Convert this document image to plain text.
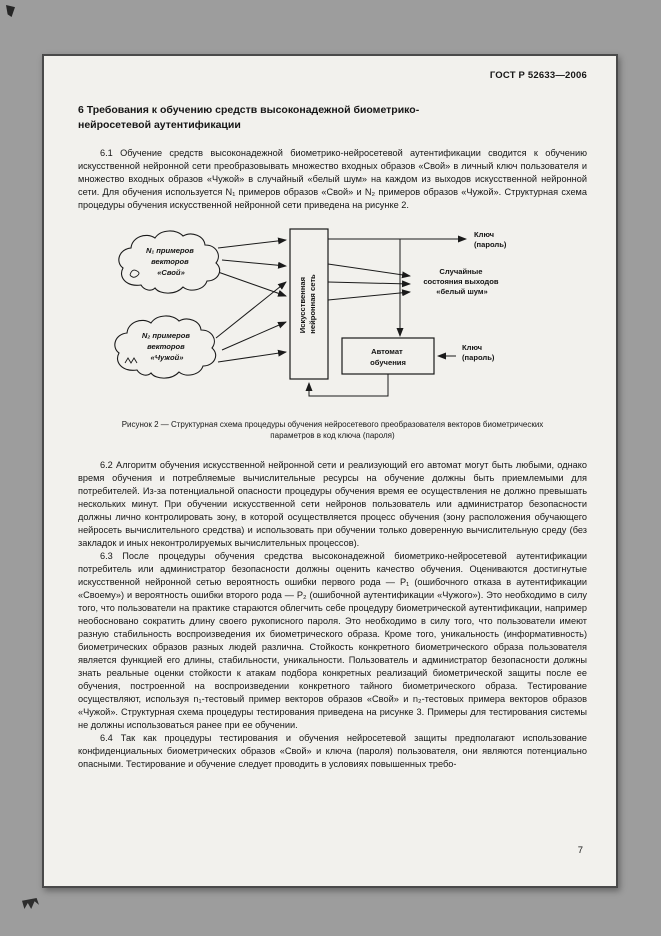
ГОСТ Р 52633—2006
6 Требования к обучению средств высоконадежной биометрико-нейросетевой аутентификации

6.1 Обучение средств высоконадежной биометрико-нейросетевой аутентификации сводится к обучению искусственной нейронной сети преобразовывать множество входных образов «Свой» в личный ключ пользователя и множество входных образов «Чужой» в случайный «белый шум» на каждом из выходов искусственной нейронной сети. Для обучения используется N₁ примеров образов «Свой» и N₂ примеров образов «Чужой». Структурная схема процедуры обучения искусственной нейронной сети приведена на рисунке 2.

N₁ примеров векторов «Свой»
N₂ примеров векторов «Чужой»
Искусственная нейронная сеть
Ключ (пароль)
Случайные состояния выходов «белый шум»
Автомат обучения
Ключ (пароль)
Рисунок 2 — Структурная схема процедуры обучения нейросетевого преобразователя векторов биометрических параметров в код ключа (пароля)

6.2 Алгоритм обучения искусственной нейронной сети и реализующий его автомат могут быть любыми, однако время обучения и потребляемые вычислительные ресурсы на обучение должны быть приемлемыми для потребителей. Из-за потенциальной опасности процедуры обучения время ее осуществления не должно превышать нескольких минут. При обучении искусственной сети нейронов пользователь или администратор безопасности должны лично контролировать зону, в которой осуществляется процесс обучения (зону расположения обучающего нейросеть вычислительного средства) и использовать при обучении только доверенную вычислительную среду (без закладок и иных неконтролируемых вычислительных процессов).

6.3 После процедуры обучения средства высоконадежной биометрико-нейросетевой аутентификации потребитель или администратор безопасности должны оценить качество обучения. Оцениваются достигнутые искусственной нейронной сетью вероятность ошибки первого рода — P₁ (ошибочного отказа в аутентификации «Своему») и вероятность ошибки второго рода — P₂ (ошибочной аутентификации «Чужого»). Это необходимо в силу того, что пользователи на практике стараются облегчить себе процедуру биометрической аутентификации, например необосновано сократить длину своего рукописного пароля. Это необходимо в силу того, что пользователи имеют разную стабильность воспроизведения их биометрического образа. Кроме того, уникальность (информативность) биометрических образов разных людей различна. Стойкость конкретного биометрического образа пользователя является функцией его длины, стабильности, уникальности. Пользователь и администратор безопасности должны знать реальные оценки стойкости к атакам подбора конкретных реализаций биометрической защиты после ее обучения, построенной на воспроизведении конкретного тайного биометрического образа. Тестирование осуществляют, используя n₁-тестовый пример векторов образов «Свой» и n₂-тестовых примера векторов образов «Чужой». Структурная схема процедуры тестирования приведена на рисунке 3. Примеры для тестирования системы не должны использоваться ранее при ее обучении.

6.4 Так как процедуры тестирования и обучения нейросетевой защиты предполагают использование конфиденциальных биометрических образов «Свой» и ключа (пароля) пользователя, они являются потенциально опасными. Тестирование и обучение следует проводить в условиях повышенных требо-

7
